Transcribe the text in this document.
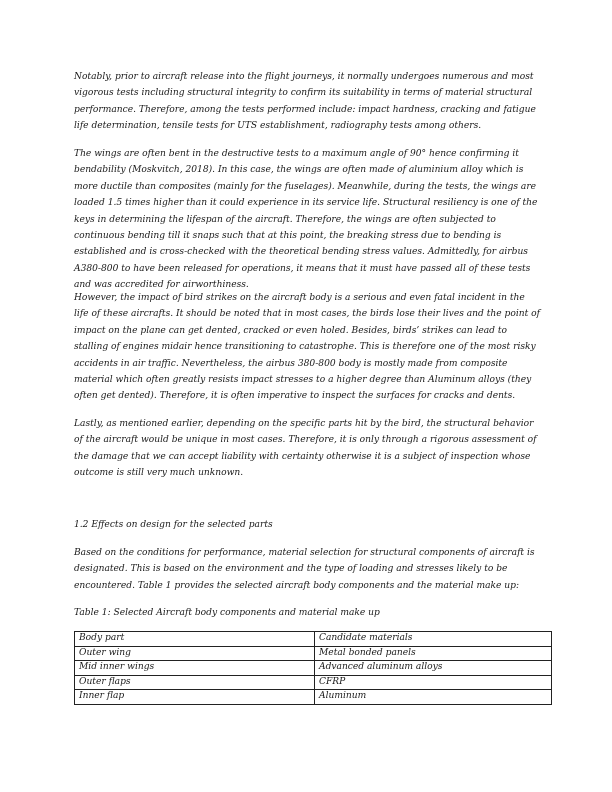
Notably, prior to aircraft release into the flight journeys, it normally undergoes numerous and most vigorous tests including structural integrity to confirm its suitability in terms of material structural performance. Therefore, among the tests performed include: impact hardness, cracking and fatigue life determination, tensile tests for UTS establishment, radiography tests among others.

The wings are often bent in the destructive tests to a maximum angle of 90° hence confirming it bendability (Moskvitch, 2018). In this case, the wings are often made of aluminium alloy which is more ductile than composites (mainly for the fuselages). Meanwhile, during the tests, the wings are loaded 1.5 times higher than it could experience in its service life. Structural resiliency is one of the keys in determining the lifespan of the aircraft. Therefore, the wings are often subjected to continuous bending till it snaps such that at this point, the breaking stress due to bending is established and is cross-checked with the theoretical bending stress values. Admittedly, for airbus A380-800 to have been released for operations, it means that it must have passed all of these tests and was accredited for airworthiness.

However, the impact of bird strikes on the aircraft body is a serious and even fatal incident in the life of these aircrafts. It should be noted that in most cases, the birds lose their lives and the point of impact on the plane can get dented, cracked or even holed. Besides, birds’ strikes can lead to stalling of engines midair hence transitioning to catastrophe. This is therefore one of the most risky accidents in air traffic. Nevertheless, the airbus 380-800 body is mostly made from composite material which often greatly resists impact stresses to a higher degree than Aluminum alloys (they often get dented). Therefore, it is often imperative to inspect the surfaces for cracks and dents.

Lastly, as mentioned earlier, depending on the specific parts hit by the bird, the structural behavior of the aircraft would be unique in most cases. Therefore, it is only through a rigorous assessment of the damage that we can accept liability with certainty otherwise it is a subject of inspection whose outcome is still very much unknown.

1.2 Effects on design for the selected parts

Based on the conditions for performance, material selection for structural components of aircraft is designated. This is based on the environment and the type of loading and stresses likely to be encountered. Table 1 provides the selected aircraft body components and the material make up:

Table 1: Selected Aircraft body components and material make up

Body part	Candidate materials
Outer wing	Metal bonded panels
Mid inner wings	Advanced aluminum alloys
Outer flaps	CFRP
Inner flap	Aluminum
